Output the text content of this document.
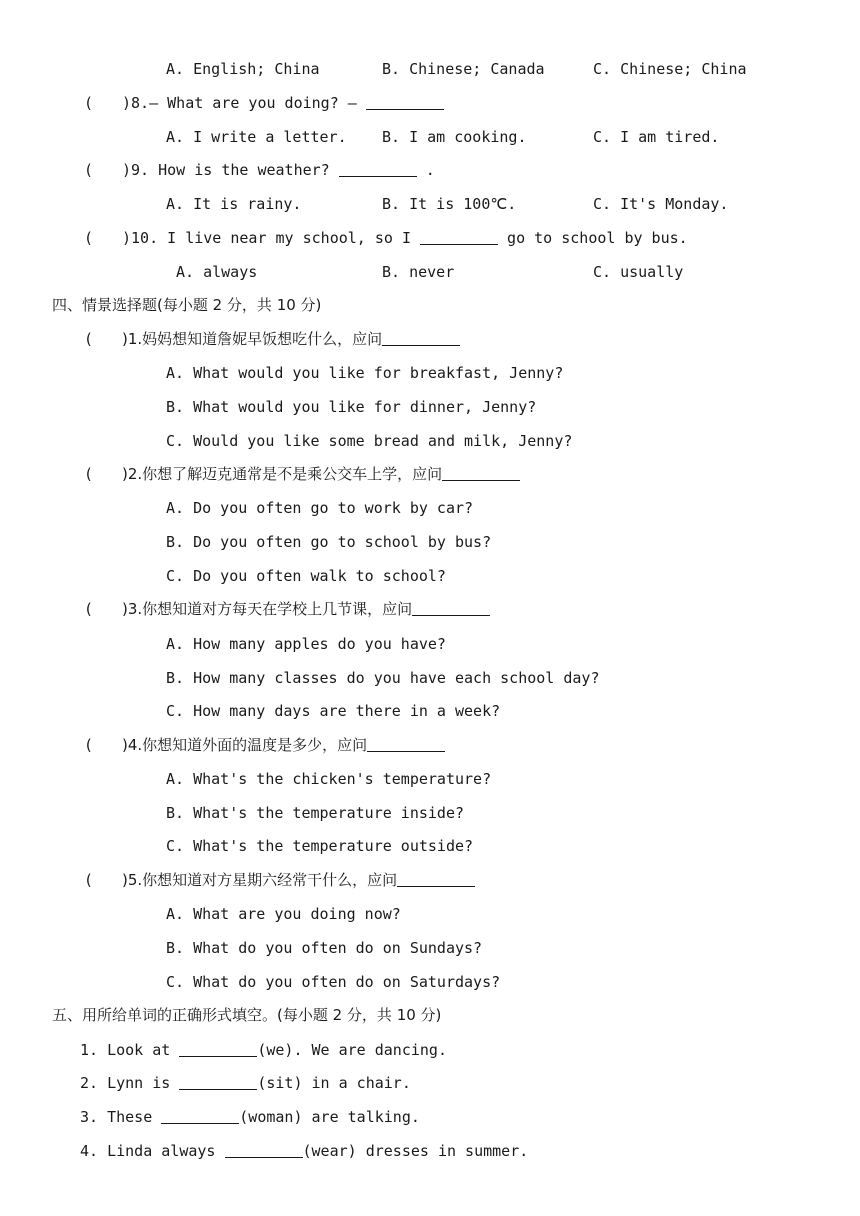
A. English; China	B. Chinese; Canada	C. Chinese; China
( )8.— What are you doing? —
A. I write a letter. B. I am cooking.	C. I am tired.
( )9. How is the weather?	.
A. It is rainy.	B. It is 100℃.	C. It's Monday.
( )10. I live near my school, so I	go to school by bus.
A. always	B. never	C. usually
四、情景选择题(每小题 2 分，共 10 分)
( )1.妈妈想知道詹妮早饭想吃什么，应问
A. What would you like for breakfast, Jenny?
B. What would you like for dinner, Jenny?
C. Would you like some bread and milk, Jenny?
( )2.你想了解迈克通常是不是乘公交车上学，应问
A. Do you often go to work by car?
B. Do you often go to school by bus?
C. Do you often walk to school?
( )3.你想知道对方每天在学校上几节课，应问
A. How many apples do you have?
B. How many classes do you have each school day?
C. How many days are there in a week?
( )4.你想知道外面的温度是多少，应问
A. What's the chicken's temperature?
B. What's the temperature inside?
C. What's the temperature outside?
( )5.你想知道对方星期六经常干什么，应问
A. What are you doing now?
B. What do you often do on Sundays?
C. What do you often do on Saturdays?
五、用所给单词的正确形式填空。(每小题 2 分，共 10 分)
1. Look at	(we). We are dancing.
2. Lynn is	(sit) in a chair.
3. These	(woman) are talking.
4. Linda always	(wear) dresses in summer.
